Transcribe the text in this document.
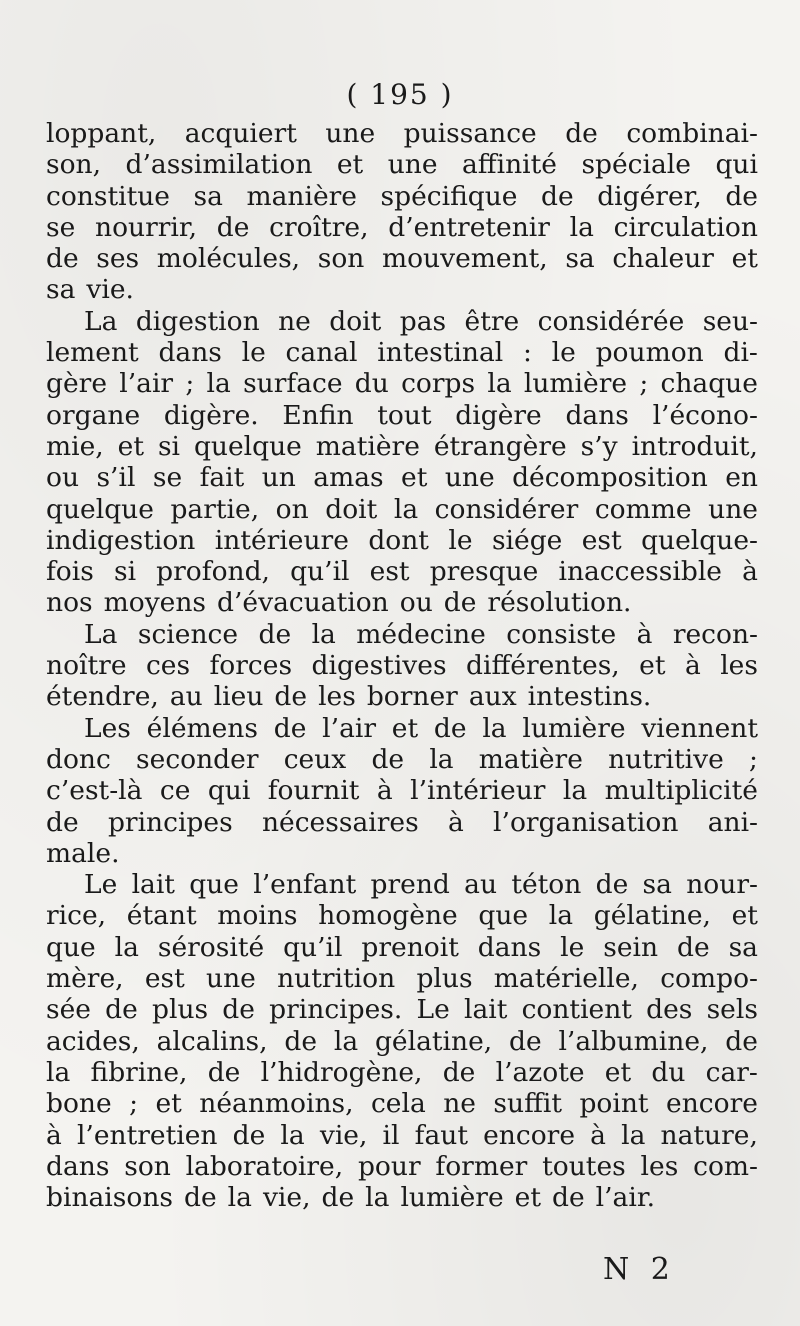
( 195 )
loppant, acquiert une puissance de combinai-
son, d’assimilation et une affinité spéciale qui
constitue sa manière spécifique de digérer, de
se nourrir, de croître, d’entretenir la circulation
de ses molécules, son mouvement, sa chaleur et
sa vie.
La digestion ne doit pas être considérée seu-
lement dans le canal intestinal : le poumon di-
gère l’air ; la surface du corps la lumière ; chaque
organe digère. Enfin tout digère dans l’écono-
mie, et si quelque matière étrangère s’y introduit,
ou s’il se fait un amas et une décomposition en
quelque partie, on doit la considérer comme une
indigestion intérieure dont le siége est quelque-
fois si profond, qu’il est presque inaccessible à
nos moyens d’évacuation ou de résolution.
La science de la médecine consiste à recon-
noître ces forces digestives différentes, et à les
étendre, au lieu de les borner aux intestins.
Les élémens de l’air et de la lumière viennent
donc seconder ceux de la matière nutritive ;
c’est-là ce qui fournit à l’intérieur la multiplicité
de principes nécessaires à l’organisation ani-
male.
Le lait que l’enfant prend au téton de sa nour-
rice, étant moins homogène que la gélatine, et
que la sérosité qu’il prenoit dans le sein de sa
mère, est une nutrition plus matérielle, compo-
sée de plus de principes. Le lait contient des sels
acides, alcalins, de la gélatine, de l’albumine, de
la fibrine, de l’hidrogène, de l’azote et du car-
bone ; et néanmoins, cela ne suffit point encore
à l’entretien de la vie, il faut encore à la nature,
dans son laboratoire, pour former toutes les com-
binaisons de la vie, de la lumière et de l’air.
N 2
